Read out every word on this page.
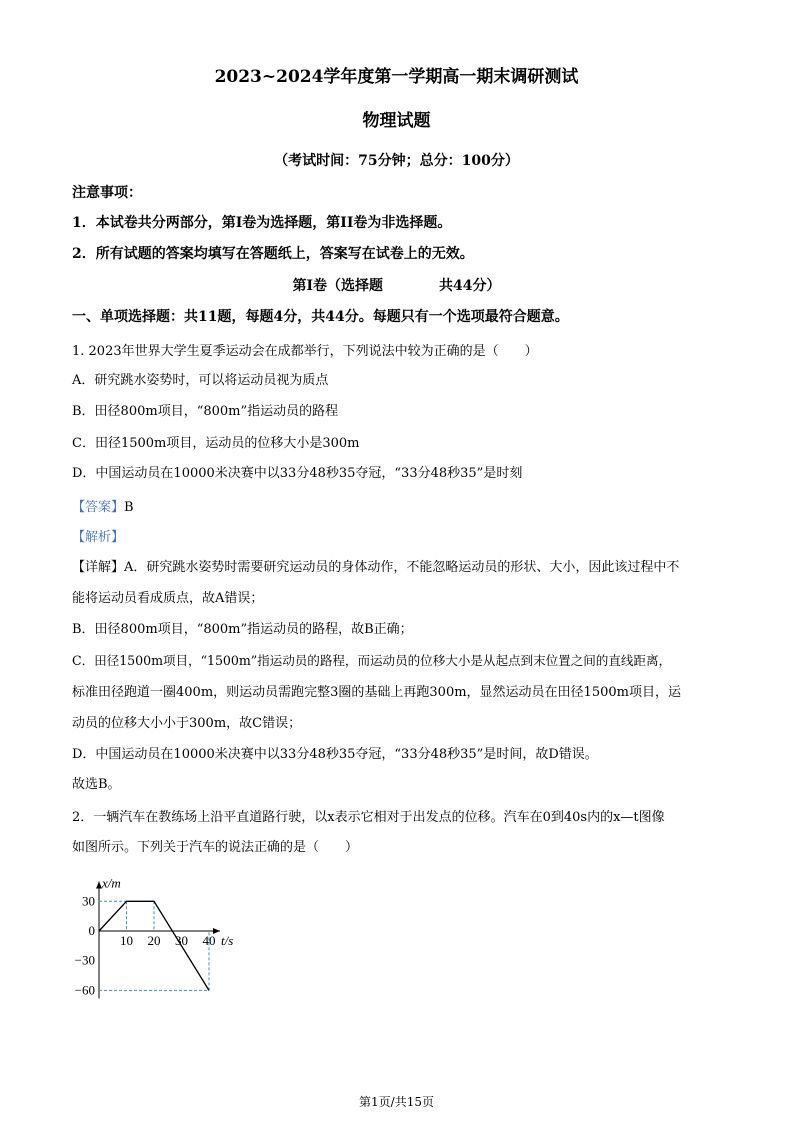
2023~2024学年度第一学期高一期末调研测试
物理试题
（考试时间：75分钟；总分：100分）
注意事项：
1．本试卷共分两部分，第I卷为选择题，第II卷为非选择题。
2．所有试题的答案均填写在答题纸上，答案写在试卷上的无效。
第I卷（选择题　　　　共44分）
一、单项选择题：共11题，每题4分，共44分。每题只有一个选项最符合题意。
1. 2023年世界大学生夏季运动会在成都举行，下列说法中较为正确的是（　　）
A．研究跳水姿势时，可以将运动员视为质点
B．田径800m项目，“800m”指运动员的路程
C．田径1500m项目，运动员的位移大小是300m
D．中国运动员在10000米决赛中以33分48秒35夺冠，“33分48秒35”是时刻
【答案】B
【解析】
【详解】A．研究跳水姿势时需要研究运动员的身体动作，不能忽略运动员的形状、大小，因此该过程中不
能将运动员看成质点，故A错误；
B．田径800m项目，“800m”指运动员的路程，故B正确；
C．田径1500m项目，“1500m”指运动员的路程，而运动员的位移大小是从起点到末位置之间的直线距离，
标准田径跑道一圈400m，则运动员需跑完整3圈的基础上再跑300m，显然运动员在田径1500m项目，运
动员的位移大小小于300m，故C错误；
D．中国运动员在10000米决赛中以33分48秒35夺冠，“33分48秒35”是时间，故D错误。
故选B。
2．一辆汽车在教练场上沿平直道路行驶，以x表示它相对于出发点的位移。汽车在0到40s内的x—t图像
如图所示。下列关于汽车的说法正确的是（　　）
10 20 30 40
30
0
−30
−60
x/m
t/s
第1页/共15页
